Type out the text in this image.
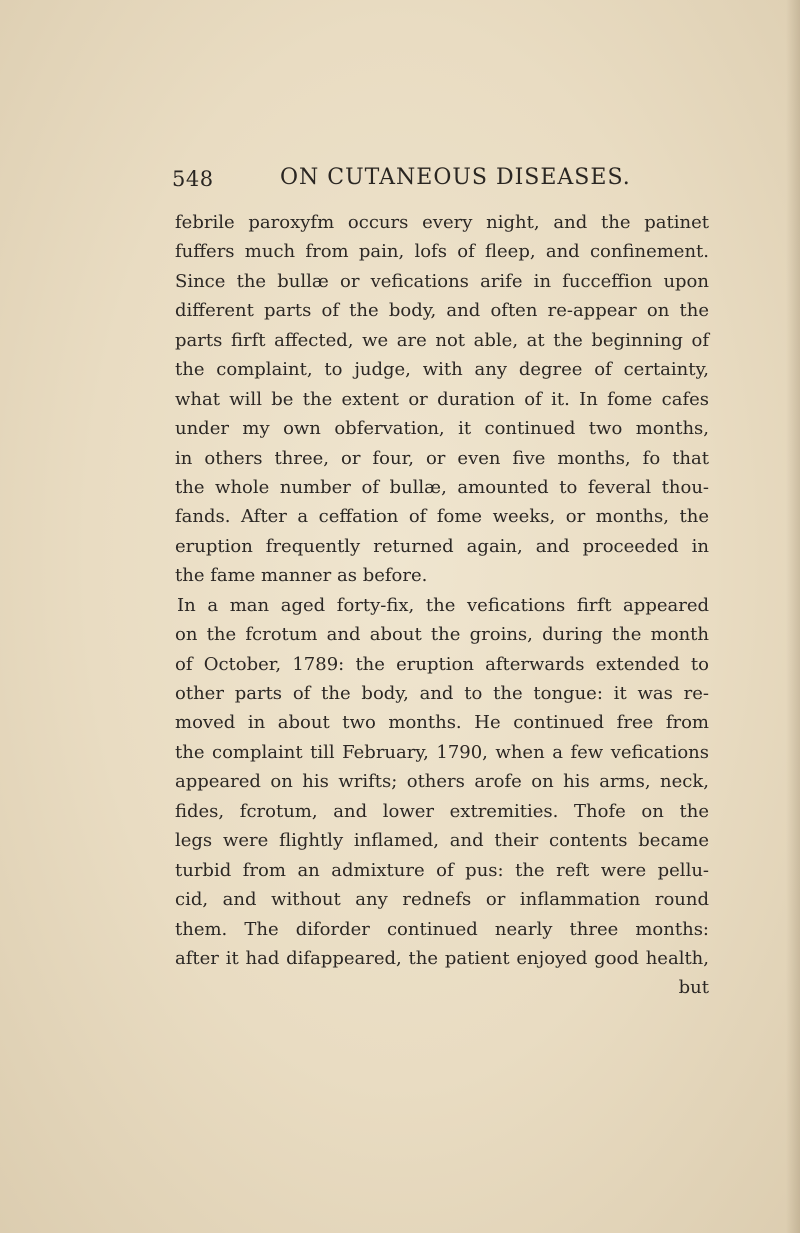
548	ON CUTANEOUS DISEASES.
febrile paroxyfm occurs every night, and the patinet
fuffers much from pain, lofs of fleep, and confinement.
Since the bullæ or vefications arife in fucceffion upon
different parts of the body, and often re-appear on the
parts firft affected, we are not able, at the beginning of
the complaint, to judge, with any degree of certainty,
what will be the extent or duration of it. In fome cafes
under my own obfervation, it continued two months,
in others three, or four, or even five months, fo that
the whole number of bullæ, amounted to feveral thou-
fands. After a ceffation of fome weeks, or months, the
eruption frequently returned again, and proceeded in
the fame manner as before.
In a man aged forty-fix, the vefications firft appeared
on the fcrotum and about the groins, during the month
of October, 1789: the eruption afterwards extended to
other parts of the body, and to the tongue: it was re-
moved in about two months. He continued free from
the complaint till February, 1790, when a few vefications
appeared on his wrifts; others arofe on his arms, neck,
fides, fcrotum, and lower extremities. Thofe on the
legs were flightly inflamed, and their contents became
turbid from an admixture of pus: the reft were pellu-
cid, and without any rednefs or inflammation round
them. The diforder continued nearly three months:
after it had difappeared, the patient enjoyed good health,
but
